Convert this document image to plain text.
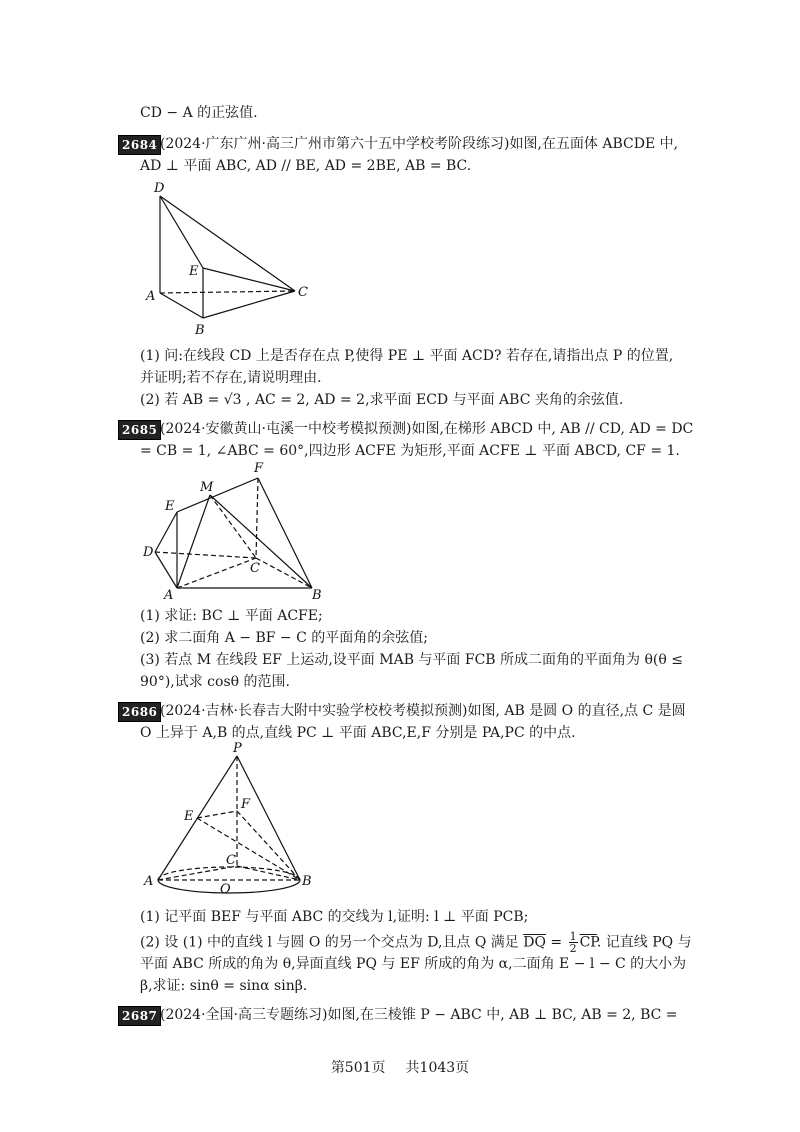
CD − A 的正弦值.
2684 (2024·广东广州·高三广州市第六十五中学校考阶段练习)如图,在五面体 ABCDE 中,
AD ⊥ 平面 ABC, AD // BE, AD = 2BE, AB = BC.
D
E
A
B
C
(1) 问:在线段 CD 上是否存在点 P,使得 PE ⊥ 平面 ACD? 若存在,请指出点 P 的位置,
并证明;若不存在,请说明理由.
(2) 若 AB = √3 , AC = 2, AD = 2,求平面 ECD 与平面 ABC 夹角的余弦值.
2685 (2024·安徽黄山·屯溪一中校考模拟预测)如图,在梯形 ABCD 中, AB // CD, AD = DC
= CB = 1, ∠ABC = 60°,四边形 ACFE 为矩形,平面 ACFE ⊥ 平面 ABCD, CF = 1.
F
M
E
D
C
A	B
(1) 求证: BC ⊥ 平面 ACFE;
(2) 求二面角 A − BF − C 的平面角的余弦值;
(3) 若点 M 在线段 EF 上运动,设平面 MAB 与平面 FCB 所成二面角的平面角为 θ(θ ≤
90°),试求 cosθ 的范围.
2686 (2024·吉林·长春吉大附中实验学校校考模拟预测)如图, AB 是圆 O 的直径,点 C 是圆
O 上异于 A,B 的点,直线 PC ⊥ 平面 ABC,E,F 分别是 PA,PC 的中点.
P
F
E
C
A
O
B
(1) 记平面 BEF 与平面 ABC 的交线为 l,证明: l ⊥ 平面 PCB;
(2) 设 (1) 中的直线 l 与圆 O 的另一个交点为 D,且点 Q 满足 $\overline{DQ} = \frac{1}{2} \overline{CP}$. 记直线 PQ 与
平面 ABC 所成的角为 θ,异面直线 PQ 与 EF 所成的角为 α,二面角 E − l − C 的大小为
β,求证: sinθ = sinα sinβ.
2687 (2024·全国·高三专题练习)如图,在三棱锥 P − ABC 中, AB ⊥ BC, AB = 2, BC =
第501页 共1043页
